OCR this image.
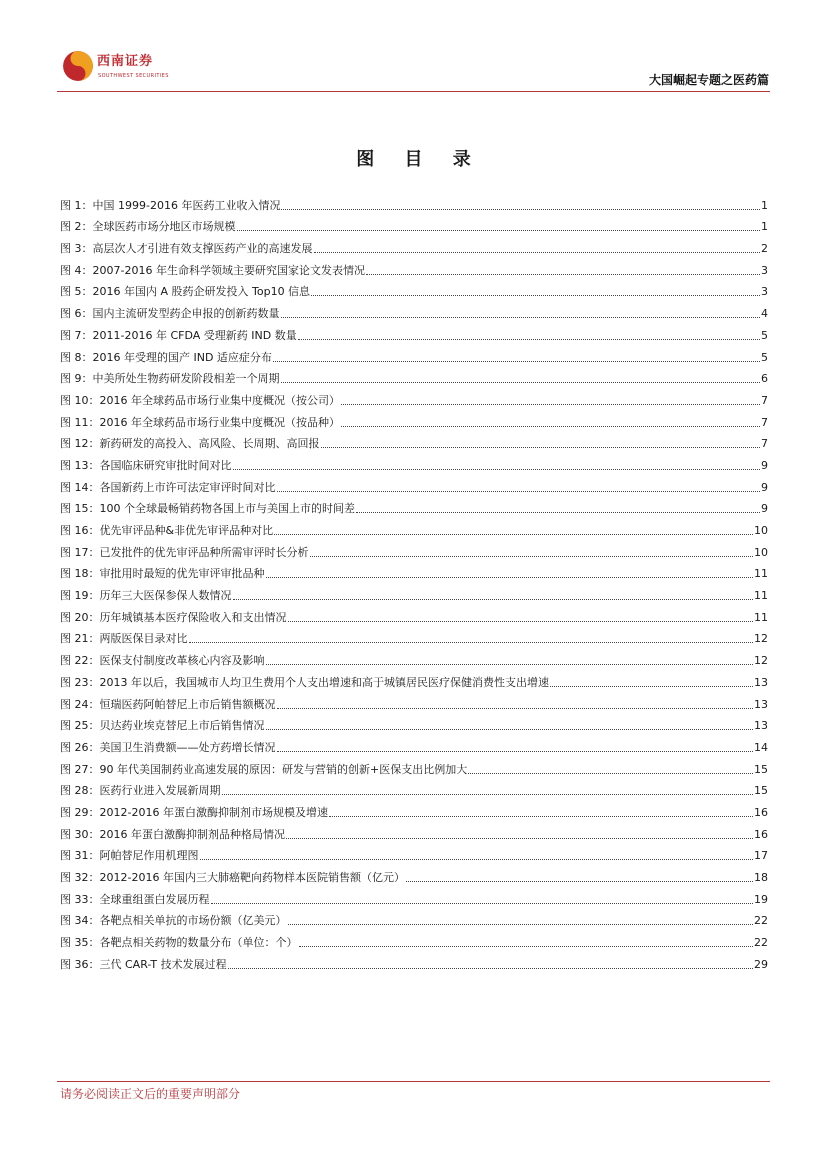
西南证券
SOUTHWEST SECURITIES	大国崛起专题之医药篇
图 目 录
图 1： 中国 1999-2016 年医药工业收入情况	1
图 2： 全球医药市场分地区市场规模	1
图 3： 高层次人才引进有效支撑医药产业的高速发展	2
图 4： 2007-2016 年生命科学领域主要研究国家论文发表情况	3
图 5： 2016 年国内 A 股药企研发投入 Top10 信息	3
图 6： 国内主流研发型药企申报的创新药数量	4
图 7： 2011-2016 年 CFDA 受理新药 IND 数量	5
图 8： 2016 年受理的国产 IND 适应症分布	5
图 9： 中美所处生物药研发阶段相差一个周期	6
图 10： 2016 年全球药品市场行业集中度概况（按公司）	7
图 11： 2016 年全球药品市场行业集中度概况（按品种）	7
图 12： 新药研发的高投入、高风险、长周期、高回报	7
图 13： 各国临床研究审批时间对比	9
图 14： 各国新药上市许可法定审评时间对比	9
图 15： 100 个全球最畅销药物各国上市与美国上市的时间差	9
图 16： 优先审评品种&非优先审评品种对比	10
图 17： 已发批件的优先审评品种所需审评时长分析	10
图 18： 审批用时最短的优先审评审批品种	11
图 19： 历年三大医保参保人数情况	11
图 20： 历年城镇基本医疗保险收入和支出情况	11
图 21： 两版医保目录对比	12
图 22： 医保支付制度改革核心内容及影响	12
图 23： 2013 年以后，我国城市人均卫生费用个人支出增速和高于城镇居民医疗保健消费性支出增速	13
图 24： 恒瑞医药阿帕替尼上市后销售额概况	13
图 25： 贝达药业埃克替尼上市后销售情况	13
图 26： 美国卫生消费额——处方药增长情况	14
图 27： 90 年代美国制药业高速发展的原因：研发与营销的创新+医保支出比例加大	15
图 28： 医药行业进入发展新周期	15
图 29： 2012-2016 年蛋白激酶抑制剂市场规模及增速	16
图 30： 2016 年蛋白激酶抑制剂品种格局情况	16
图 31： 阿帕替尼作用机理图	17
图 32： 2012-2016 年国内三大肺癌靶向药物样本医院销售额（亿元）	18
图 33： 全球重组蛋白发展历程	19
图 34： 各靶点相关单抗的市场份额（亿美元）	22
图 35： 各靶点相关药物的数量分布（单位：个）	22
图 36： 三代 CAR-T 技术发展过程	29
请务必阅读正文后的重要声明部分
